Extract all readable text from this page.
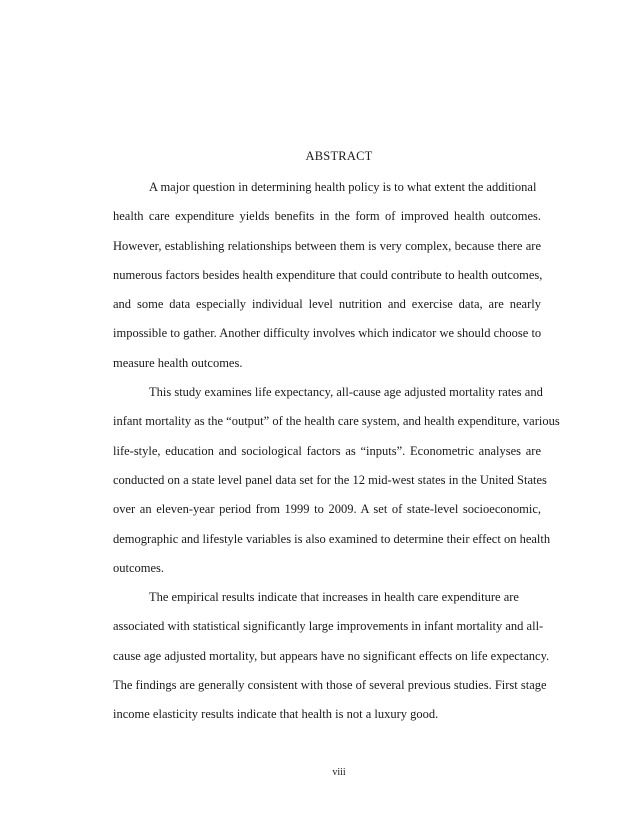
ABSTRACT
A major question in determining health policy is to what extent the additional
health care expenditure yields benefits in the form of improved health outcomes.
However, establishing relationships between them is very complex, because there are
numerous factors besides health expenditure that could contribute to health outcomes,
and some data especially individual level nutrition and exercise data, are nearly
impossible to gather. Another difficulty involves which indicator we should choose to
measure health outcomes.
This study examines life expectancy, all-cause age adjusted mortality rates and
infant mortality as the “output” of the health care system, and health expenditure, various
life-style, education and sociological factors as “inputs”. Econometric analyses are
conducted on a state level panel data set for the 12 mid-west states in the United States
over an eleven-year period from 1999 to 2009. A set of state-level socioeconomic,
demographic and lifestyle variables is also examined to determine their effect on health
outcomes.
The empirical results indicate that increases in health care expenditure are
associated with statistical significantly large improvements in infant mortality and all-
cause age adjusted mortality, but appears have no significant effects on life expectancy.
The findings are generally consistent with those of several previous studies. First stage
income elasticity results indicate that health is not a luxury good.
viii
